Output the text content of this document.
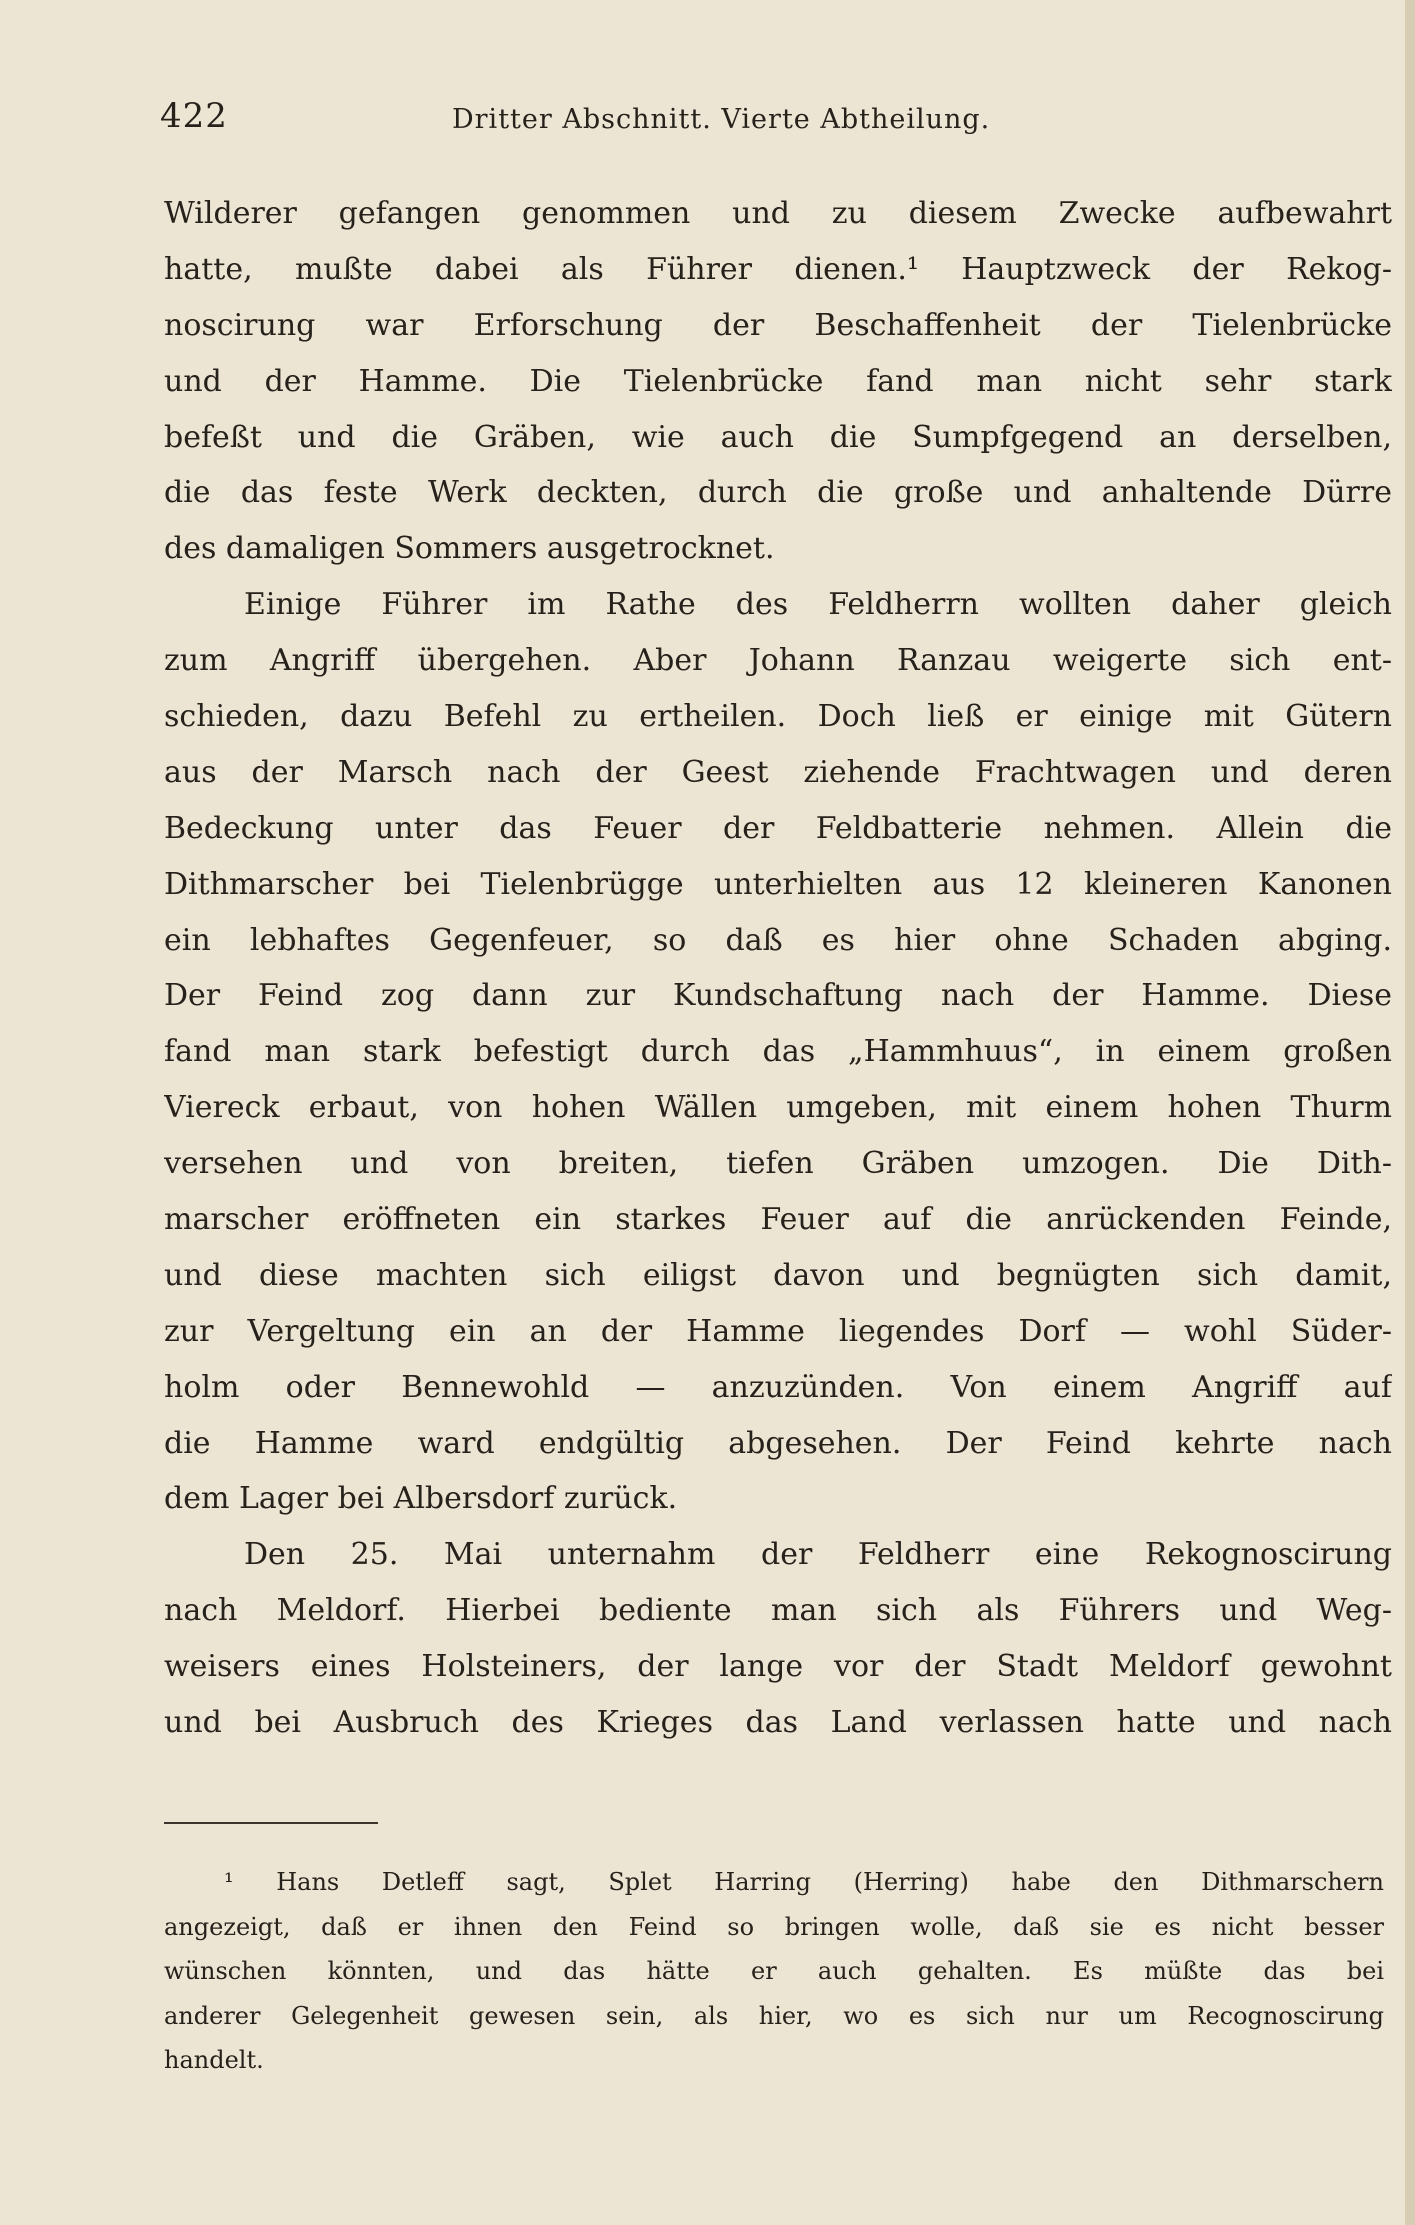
422	Dritter Abschnitt. Vierte Abtheilung.
Wilderer gefangen genommen und zu diesem Zwecke aufbewahrt
hatte, mußte dabei als Führer dienen.¹ Hauptzweck der Rekog-
noscirung war Erforschung der Beschaffenheit der Tielenbrücke
und der Hamme. Die Tielenbrücke fand man nicht sehr stark
befeßt und die Gräben, wie auch die Sumpfgegend an derselben,
die das feste Werk deckten, durch die große und anhaltende Dürre
des damaligen Sommers ausgetrocknet.
Einige Führer im Rathe des Feldherrn wollten daher gleich
zum Angriff übergehen. Aber Johann Ranzau weigerte sich ent-
schieden, dazu Befehl zu ertheilen. Doch ließ er einige mit Gütern
aus der Marsch nach der Geest ziehende Frachtwagen und deren
Bedeckung unter das Feuer der Feldbatterie nehmen. Allein die
Dithmarscher bei Tielenbrügge unterhielten aus 12 kleineren Kanonen
ein lebhaftes Gegenfeuer, so daß es hier ohne Schaden abging.
Der Feind zog dann zur Kundschaftung nach der Hamme. Diese
fand man stark befestigt durch das „Hammhuus“, in einem großen
Viereck erbaut, von hohen Wällen umgeben, mit einem hohen Thurm
versehen und von breiten, tiefen Gräben umzogen. Die Dith-
marscher eröffneten ein starkes Feuer auf die anrückenden Feinde,
und diese machten sich eiligst davon und begnügten sich damit,
zur Vergeltung ein an der Hamme liegendes Dorf — wohl Süder-
holm oder Bennewohld — anzuzünden. Von einem Angriff auf
die Hamme ward endgültig abgesehen. Der Feind kehrte nach
dem Lager bei Albersdorf zurück.
Den 25. Mai unternahm der Feldherr eine Rekognoscirung
nach Meldorf. Hierbei bediente man sich als Führers und Weg-
weisers eines Holsteiners, der lange vor der Stadt Meldorf gewohnt
und bei Ausbruch des Krieges das Land verlassen hatte und nach
¹ Hans Detleff sagt, Splet Harring (Herring) habe den Dithmarschern
angezeigt, daß er ihnen den Feind so bringen wolle, daß sie es nicht besser
wünschen könnten, und das hätte er auch gehalten. Es müßte das bei
anderer Gelegenheit gewesen sein, als hier, wo es sich nur um Recognoscirung
handelt.
